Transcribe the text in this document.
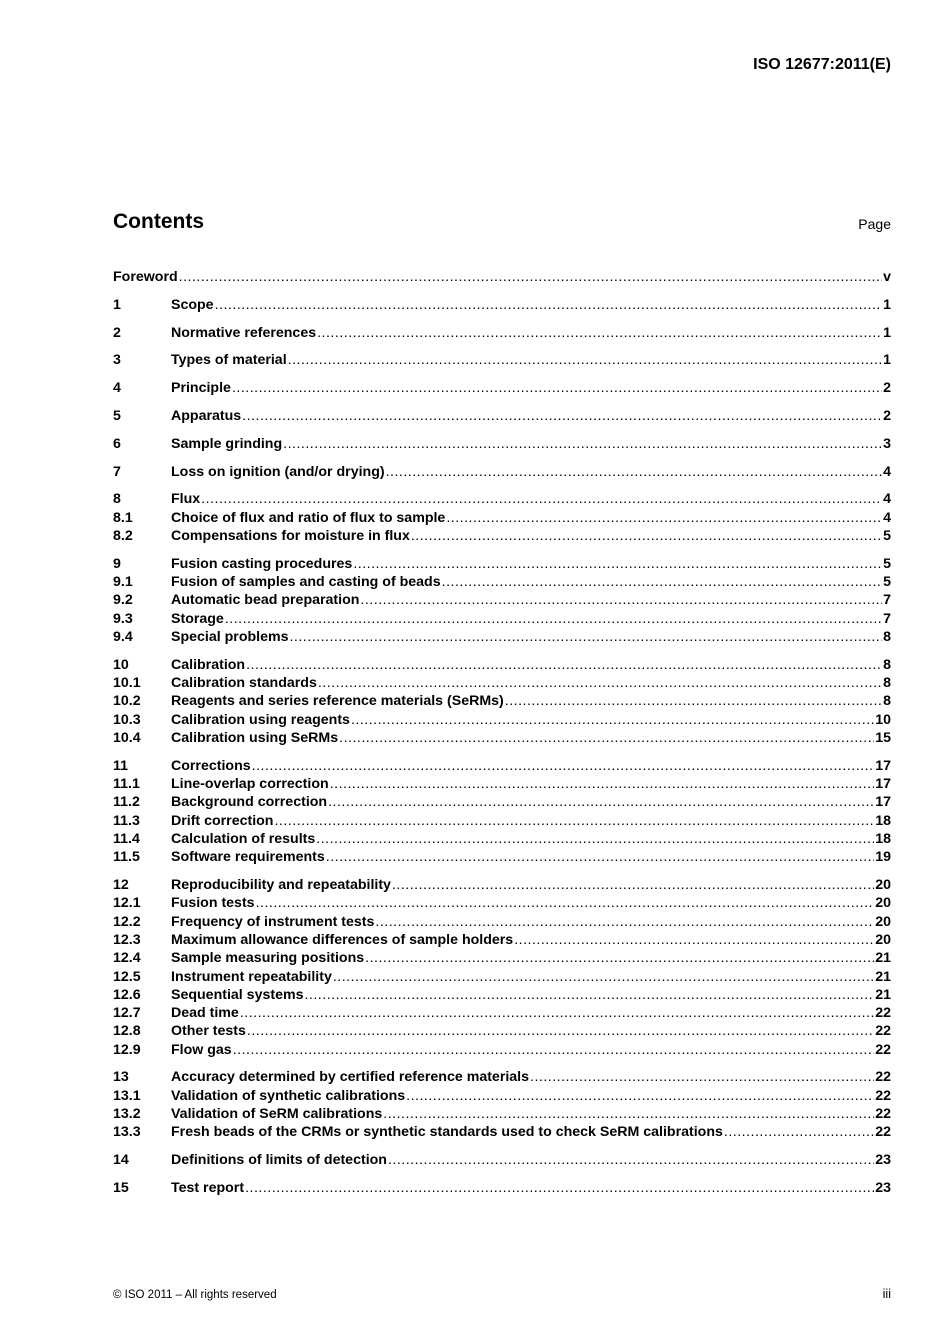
ISO 12677:2011(E)
Contents	Page
Foreword .....	v
1	Scope .....	1
2	Normative references .....	1
3	Types of material .....	1
4	Principle .....	2
5	Apparatus .....	2
6	Sample grinding .....	3
7	Loss on ignition (and/or drying) .....	4
8	Flux .....	4
8.1	Choice of flux and ratio of flux to sample .....	4
8.2	Compensations for moisture in flux .....	5
9	Fusion casting procedures .....	5
9.1	Fusion of samples and casting of beads .....	5
9.2	Automatic bead preparation .....	7
9.3	Storage .....	7
9.4	Special problems .....	8
10	Calibration .....	8
10.1	Calibration standards .....	8
10.2	Reagents and series reference materials (SeRMs) .....	8
10.3	Calibration using reagents .....	10
10.4	Calibration using SeRMs .....	15
11	Corrections .....	17
11.1	Line-overlap correction .....	17
11.2	Background correction .....	17
11.3	Drift correction .....	18
11.4	Calculation of results .....	18
11.5	Software requirements .....	19
12	Reproducibility and repeatability .....	20
12.1	Fusion tests .....	20
12.2	Frequency of instrument tests .....	20
12.3	Maximum allowance differences of sample holders .....	20
12.4	Sample measuring positions .....	21
12.5	Instrument repeatability .....	21
12.6	Sequential systems .....	21
12.7	Dead time .....	22
12.8	Other tests .....	22
12.9	Flow gas .....	22
13	Accuracy determined by certified reference materials .....	22
13.1	Validation of synthetic calibrations .....	22
13.2	Validation of SeRM calibrations .....	22
13.3	Fresh beads of the CRMs or synthetic standards used to check SeRM calibrations .....	22
14	Definitions of limits of detection .....	23
15	Test report .....	23
© ISO 2011 – All rights reserved	iii
